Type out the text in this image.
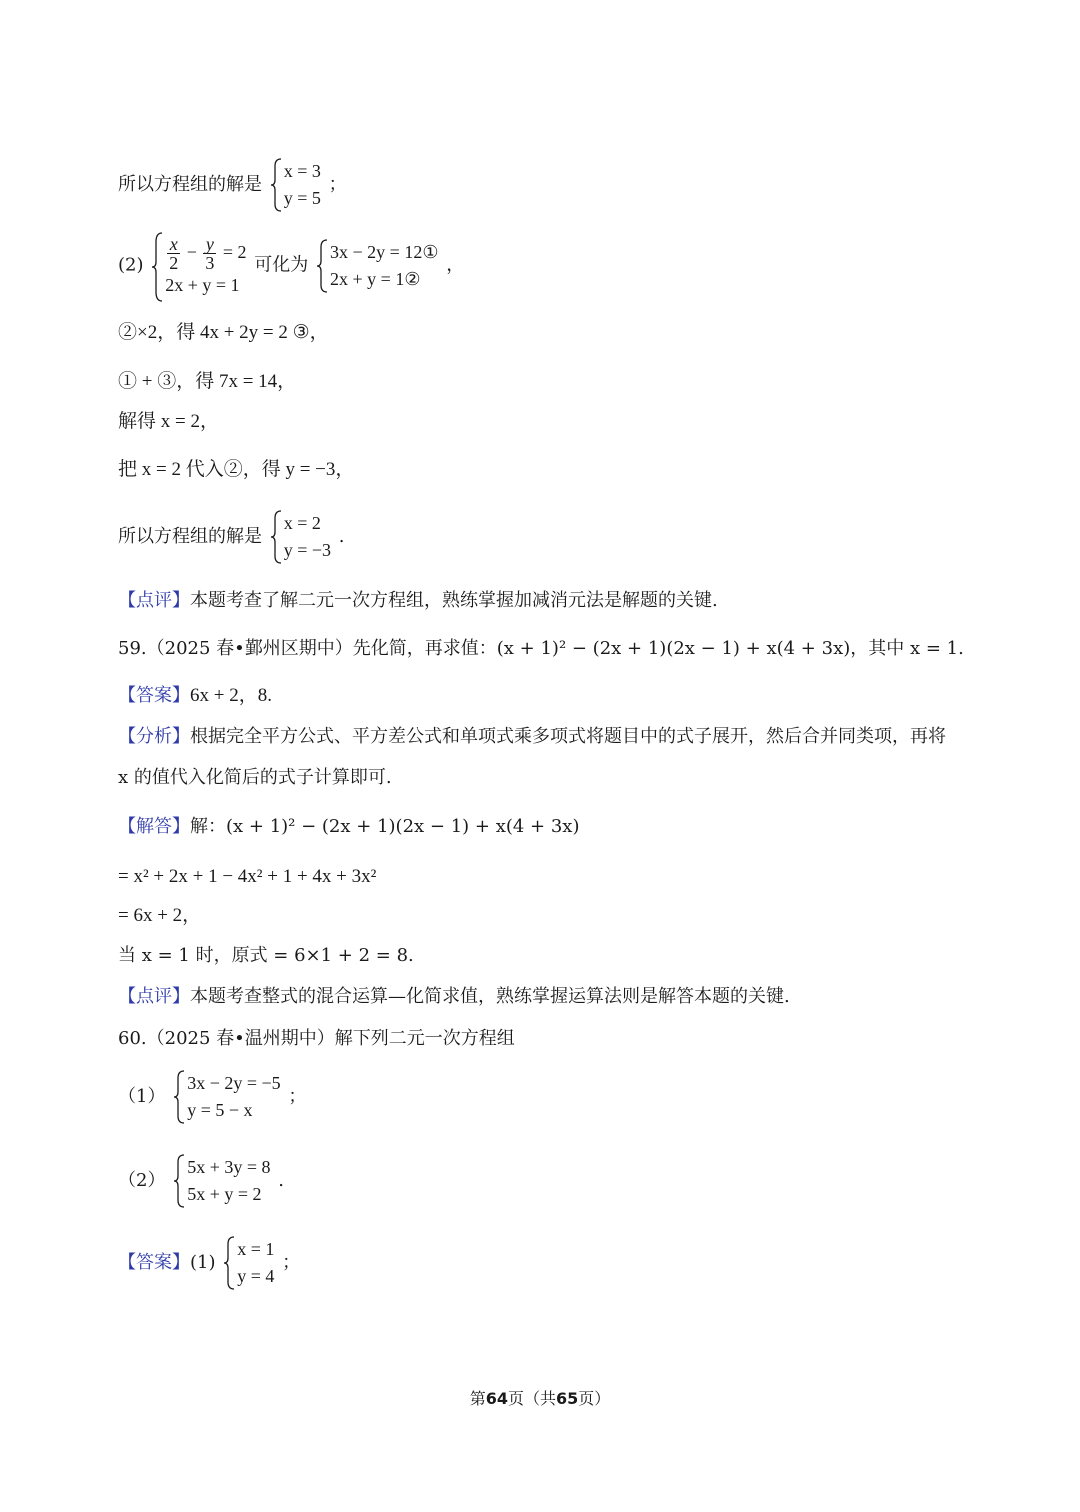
所以方程组的解是
x = 3
y = 5
；
$(2) \frac{x}{2} - \frac{y}{3} = 2$
2x + y = 1
可化为
3x − 2y = 12①
2x + y = 1②
，
②×2，得 4x + 2y = 2 ③，
① + ③，得 7x = 14，
解得 x = 2，
把 x = 2 代入②，得 y = −3，
所以方程组的解是
x = 2
y = −3
.
【点评】本题考查了解二元一次方程组，熟练掌握加减消元法是解题的关键.
59.（2025 春•鄞州区期中）先化简，再求值：(x + 1)² − (2x + 1)(2x − 1) + x(4 + 3x)，其中 x = 1.
【答案】6x + 2，8.
【分析】根据完全平方公式、平方差公式和单项式乘多项式将题目中的式子展开，然后合并同类项，再将
x 的值代入化简后的式子计算即可.
【解答】解：(x + 1)² − (2x + 1)(2x − 1) + x(4 + 3x)
= x² + 2x + 1 − 4x² + 1 + 4x + 3x²
= 6x + 2，
当 x = 1 时，原式 = 6×1 + 2 = 8.
【点评】本题考查整式的混合运算—化简求值，熟练掌握运算法则是解答本题的关键.
60.（2025 春•温州期中）解下列二元一次方程组
（1）
3x − 2y = −5
y = 5 − x
；
（2）
5x + 3y = 8
5x + y = 2
.
【答案】(1)
x = 1
y = 4
；
第64页（共65页）
